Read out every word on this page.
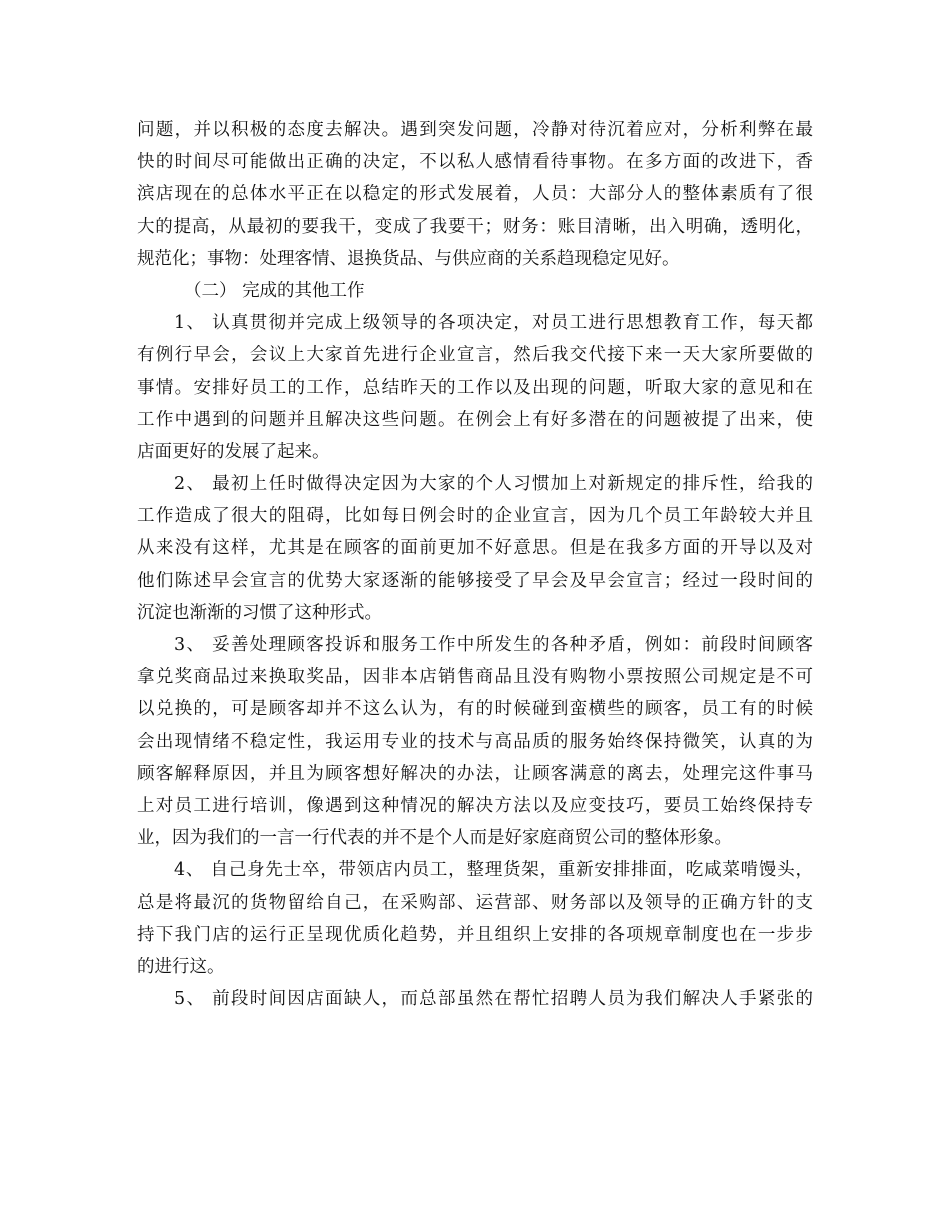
问题，并以积极的态度去解决。遇到突发问题，冷静对待沉着应对，分析利弊在最
快的时间尽可能做出正确的决定，不以私人感情看待事物。在多方面的改进下，香
滨店现在的总体水平正在以稳定的形式发展着，人员：大部分人的整体素质有了很
大的提高，从最初的要我干，变成了我要干；财务：账目清晰，出入明确，透明化，
规范化；事物：处理客情、退换货品、与供应商的关系趋现稳定见好。
（二） 完成的其他工作
1、 认真贯彻并完成上级领导的各项决定，对员工进行思想教育工作，每天都
有例行早会，会议上大家首先进行企业宣言，然后我交代接下来一天大家所要做的
事情。安排好员工的工作，总结昨天的工作以及出现的问题，听取大家的意见和在
工作中遇到的问题并且解决这些问题。在例会上有好多潜在的问题被提了出来，使
店面更好的发展了起来。
2、 最初上任时做得决定因为大家的个人习惯加上对新规定的排斥性，给我的
工作造成了很大的阻碍，比如每日例会时的企业宣言，因为几个员工年龄较大并且
从来没有这样，尤其是在顾客的面前更加不好意思。但是在我多方面的开导以及对
他们陈述早会宣言的优势大家逐渐的能够接受了早会及早会宣言；经过一段时间的
沉淀也渐渐的习惯了这种形式。
3、 妥善处理顾客投诉和服务工作中所发生的各种矛盾，例如：前段时间顾客
拿兑奖商品过来换取奖品，因非本店销售商品且没有购物小票按照公司规定是不可
以兑换的，可是顾客却并不这么认为，有的时候碰到蛮横些的顾客，员工有的时候
会出现情绪不稳定性，我运用专业的技术与高品质的服务始终保持微笑，认真的为
顾客解释原因，并且为顾客想好解决的办法，让顾客满意的离去，处理完这件事马
上对员工进行培训，像遇到这种情况的解决方法以及应变技巧，要员工始终保持专
业，因为我们的一言一行代表的并不是个人而是好家庭商贸公司的整体形象。
4、 自己身先士卒，带领店内员工，整理货架，重新安排排面，吃咸菜啃馒头，
总是将最沉的货物留给自己，在采购部、运营部、财务部以及领导的正确方针的支
持下我门店的运行正呈现优质化趋势，并且组织上安排的各项规章制度也在一步步
的进行这。
5、 前段时间因店面缺人，而总部虽然在帮忙招聘人员为我们解决人手紧张的
